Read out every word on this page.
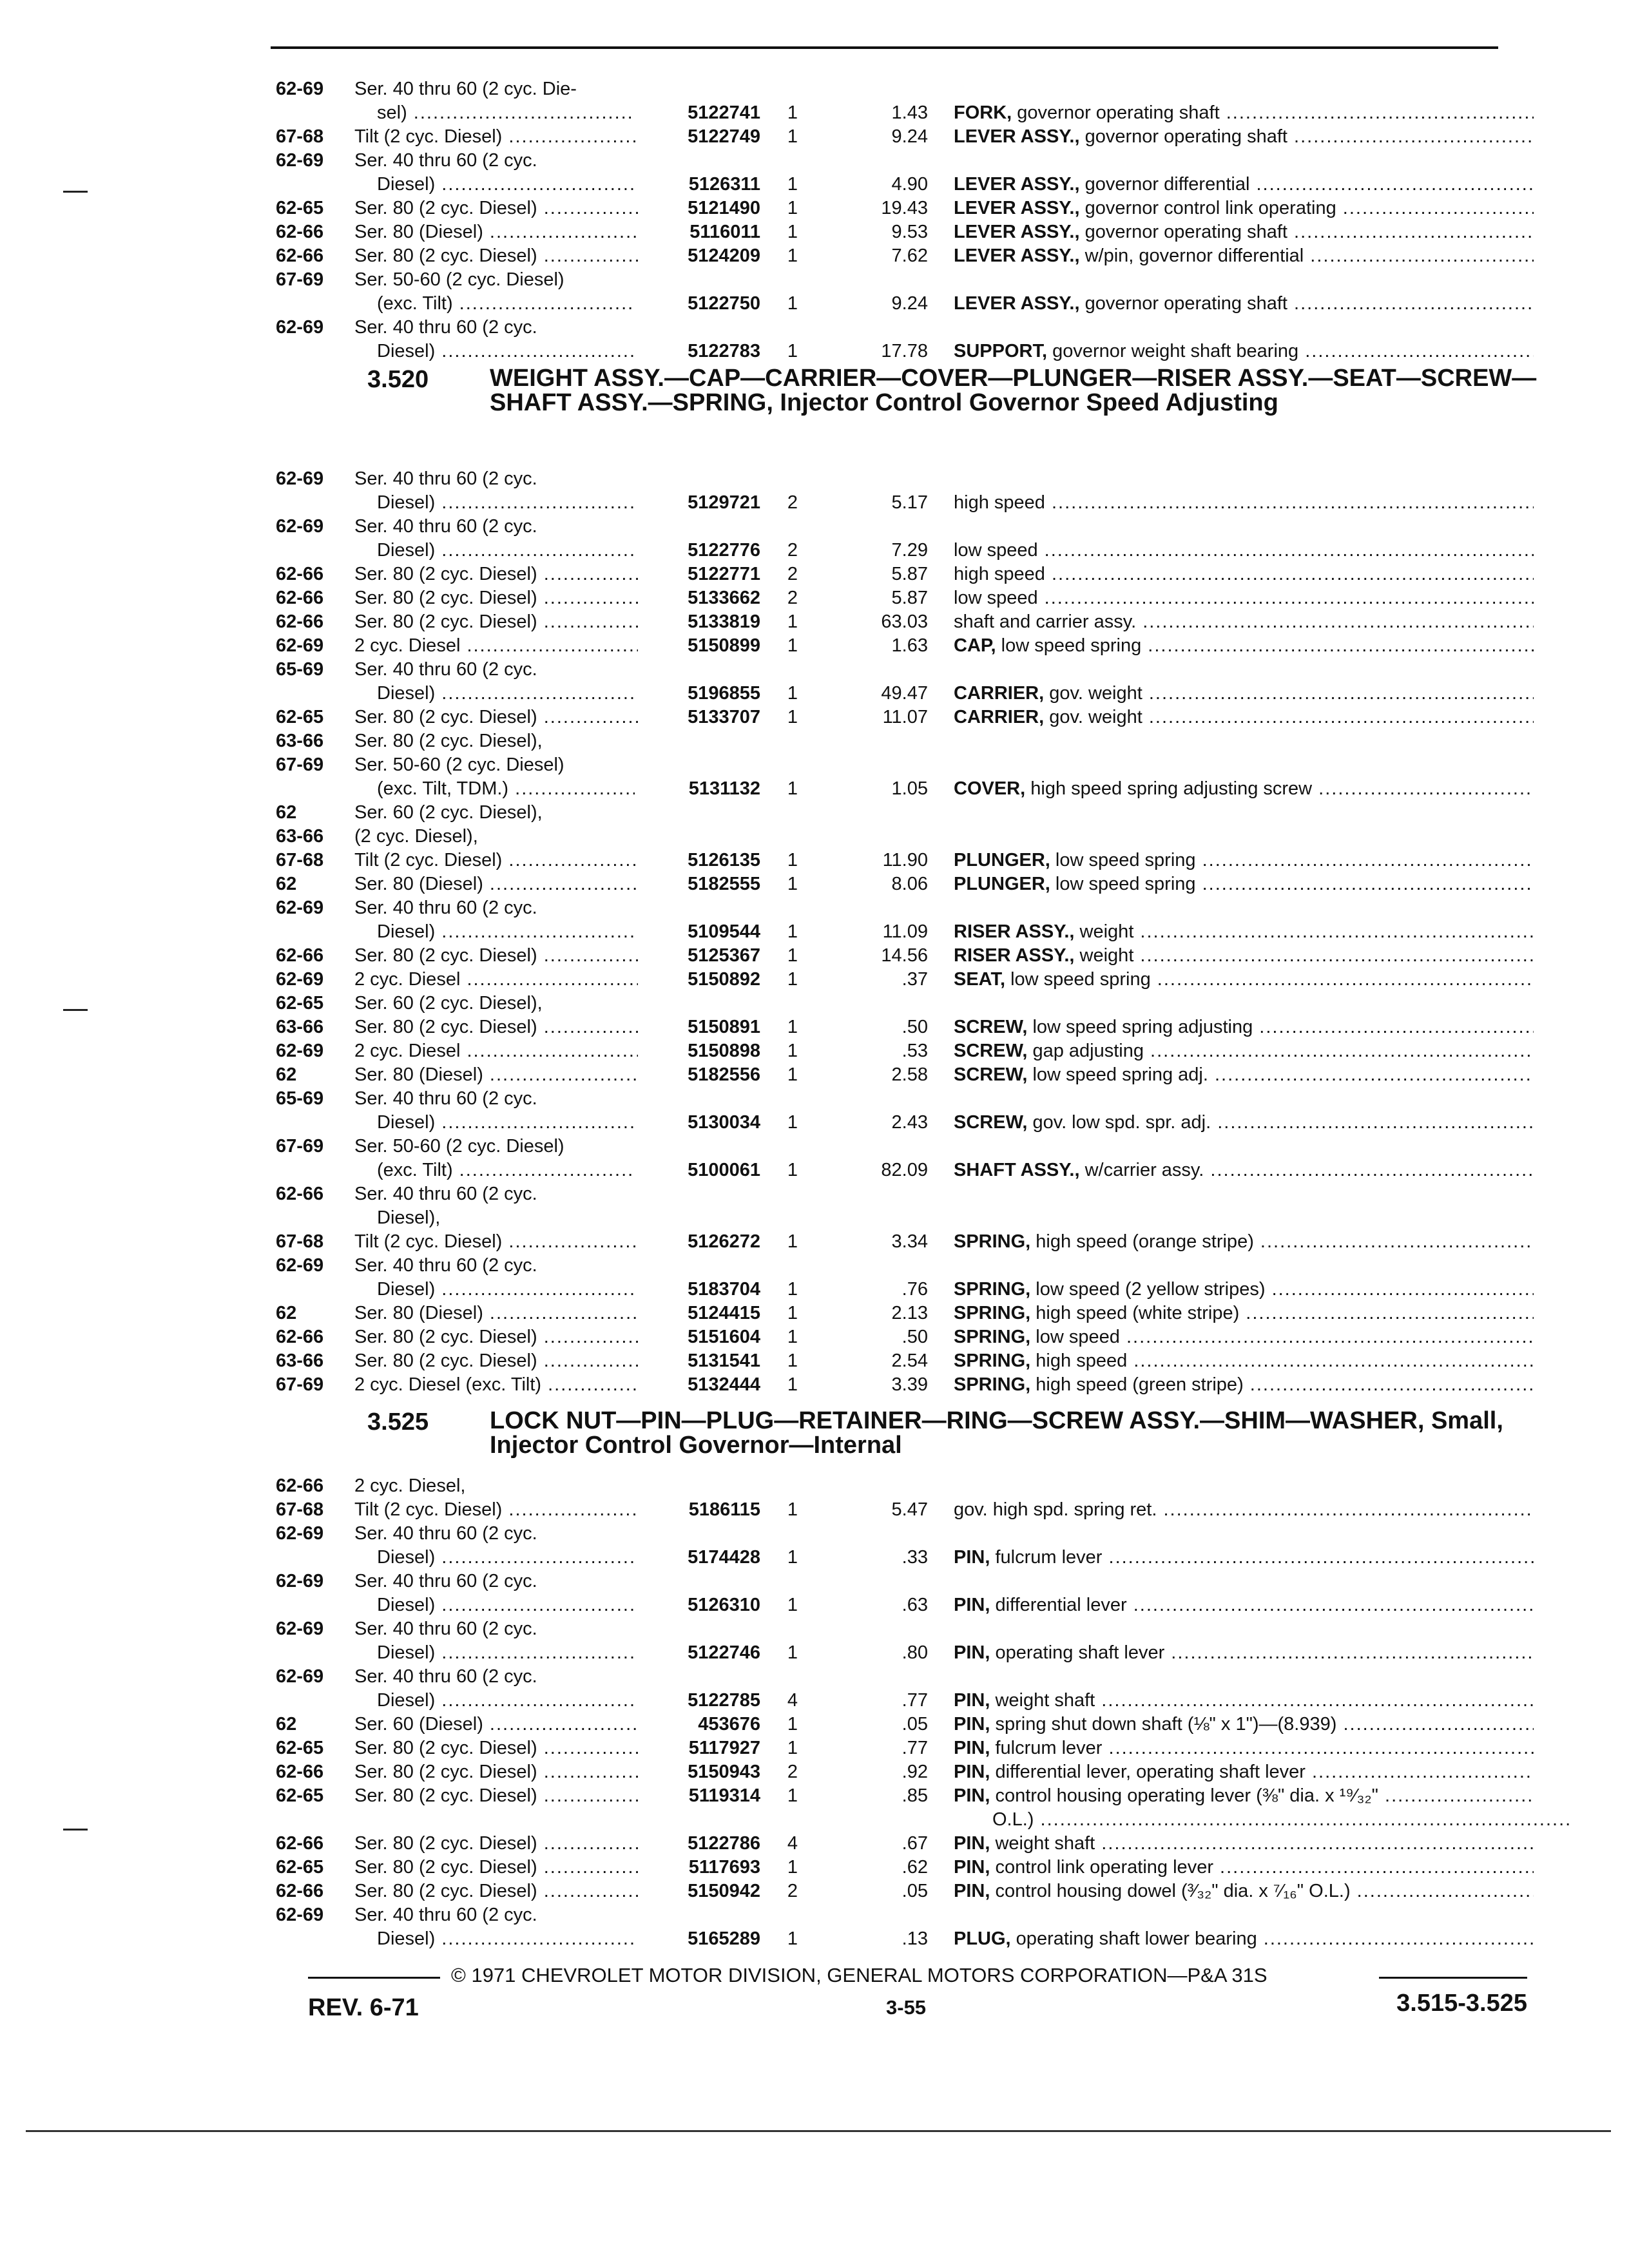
62-69 Ser. 40 thru 60 (2 cyc. Die-
sel) .....	5122741	1	1.43 FORK, governor operating shaft .....
67-68 Tilt (2 cyc. Diesel) .....	5122749	1	9.24 LEVER ASSY., governor operating shaft .....
62-69 Ser. 40 thru 60 (2 cyc.
Diesel) .....	5126311	1	4.90 LEVER ASSY., governor differential .....
62-65 Ser. 80 (2 cyc. Diesel) .....	5121490	1	19.43 LEVER ASSY., governor control link operating .....
62-66 Ser. 80 (Diesel) .....	5116011	1	9.53 LEVER ASSY., governor operating shaft .....
62-66 Ser. 80 (2 cyc. Diesel) .....	5124209	1	7.62 LEVER ASSY., w/pin, governor differential .....
67-69 Ser. 50-60 (2 cyc. Diesel)
(exc. Tilt) .....	5122750	1	9.24 LEVER ASSY., governor operating shaft .....
62-69 Ser. 40 thru 60 (2 cyc.
Diesel) .....	5122783	1	17.78 SUPPORT, governor weight shaft bearing .....
3.520 WEIGHT ASSY.—CAP—CARRIER—COVER—PLUNGER—RISER ASSY.—SEAT—SCREW—SHAFT ASSY.—SPRING, Injector Control Governor Speed Adjusting
62-69 Ser. 40 thru 60 (2 cyc.
Diesel) .....	5129721	2	5.17 high speed .....
62-69 Ser. 40 thru 60 (2 cyc.
Diesel) .....	5122776	2	7.29 low speed .....
62-66 Ser. 80 (2 cyc. Diesel) .....	5122771	2	5.87 high speed .....
62-66 Ser. 80 (2 cyc. Diesel) .....	5133662	2	5.87 low speed .....
62-66 Ser. 80 (2 cyc. Diesel) .....	5133819	1	63.03 shaft and carrier assy. .....
62-69 2 cyc. Diesel .....	5150899	1	1.63 CAP, low speed spring .....
65-69 Ser. 40 thru 60 (2 cyc.
Diesel) .....	5196855	1	49.47 CARRIER, gov. weight .....
62-65 Ser. 80 (2 cyc. Diesel) .....	5133707	1	11.07 CARRIER, gov. weight .....
63-66 Ser. 80 (2 cyc. Diesel),
67-69 Ser. 50-60 (2 cyc. Diesel)
(exc. Tilt, TDM.) .....	5131132	1	1.05 COVER, high speed spring adjusting screw .....
62	Ser. 60 (2 cyc. Diesel),
63-66 (2 cyc. Diesel),
67-68 Tilt (2 cyc. Diesel) .....	5126135	1	11.90 PLUNGER, low speed spring .....
62	Ser. 80 (Diesel) .....	5182555	1	8.06 PLUNGER, low speed spring .....
62-69 Ser. 40 thru 60 (2 cyc.
Diesel) .....	5109544	1	11.09 RISER ASSY., weight .....
62-66 Ser. 80 (2 cyc. Diesel) .....	5125367	1	14.56 RISER ASSY., weight .....
62-69 2 cyc. Diesel .....	5150892	1	.37 SEAT, low speed spring .....
62-65 Ser. 60 (2 cyc. Diesel),
63-66 Ser. 80 (2 cyc. Diesel) .....	5150891	1	.50 SCREW, low speed spring adjusting .....
62-69 2 cyc. Diesel .....	5150898	1	.53 SCREW, gap adjusting .....
62	Ser. 80 (Diesel) .....	5182556	1	2.58 SCREW, low speed spring adj. .....
65-69 Ser. 40 thru 60 (2 cyc.
Diesel) .....	5130034	1	2.43 SCREW, gov. low spd. spr. adj. .....
67-69 Ser. 50-60 (2 cyc. Diesel)
(exc. Tilt) .....	5100061	1	82.09 SHAFT ASSY., w/carrier assy. .....
62-66 Ser. 40 thru 60 (2 cyc.
Diesel),
67-68 Tilt (2 cyc. Diesel) .....	5126272	1	3.34 SPRING, high speed (orange stripe) .....
62-69 Ser. 40 thru 60 (2 cyc.
Diesel) .....	5183704	1	.76 SPRING, low speed (2 yellow stripes) .....
62	Ser. 80 (Diesel) .....	5124415	1	2.13 SPRING, high speed (white stripe) .....
62-66 Ser. 80 (2 cyc. Diesel) .....	5151604	1	.50 SPRING, low speed .....
63-66 Ser. 80 (2 cyc. Diesel) .....	5131541	1	2.54 SPRING, high speed .....
67-69 2 cyc. Diesel (exc. Tilt) .....	5132444	1	3.39 SPRING, high speed (green stripe) .....
3.525 LOCK NUT—PIN—PLUG—RETAINER—RING—SCREW ASSY.—SHIM—WASHER, Small, Injector Control Governor—Internal
62-66 2 cyc. Diesel,
67-68 Tilt (2 cyc. Diesel) .....	5186115	1	5.47 gov. high spd. spring ret. .....
62-69 Ser. 40 thru 60 (2 cyc.
Diesel) .....	5174428	1	.33 PIN, fulcrum lever .....
62-69 Ser. 40 thru 60 (2 cyc.
Diesel) .....	5126310	1	.63 PIN, differential lever .....
62-69 Ser. 40 thru 60 (2 cyc.
Diesel) .....	5122746	1	.80 PIN, operating shaft lever .....
62-69 Ser. 40 thru 60 (2 cyc.
Diesel) .....	5122785	4	.77 PIN, weight shaft .....
62	Ser. 60 (Diesel) .....	453676	1	.05 PIN, spring shut down shaft (⅛" x 1")—(8.939) .....
62-65 Ser. 80 (2 cyc. Diesel) .....	5117927	1	.77 PIN, fulcrum lever .....
62-66 Ser. 80 (2 cyc. Diesel) .....	5150943	2	.92 PIN, differential lever, operating shaft lever .....
62-65 Ser. 80 (2 cyc. Diesel) .....	5119314	1	.85 PIN, control housing operating lever (⅜" dia. x ¹⁹⁄₃₂" .....
O.L.) .....
62-66 Ser. 80 (2 cyc. Diesel) .....	5122786	4	.67 PIN, weight shaft .....
62-65 Ser. 80 (2 cyc. Diesel) .....	5117693	1	.62 PIN, control link operating lever .....
62-66 Ser. 80 (2 cyc. Diesel) .....	5150942	2	.05 PIN, control housing dowel (³⁄₃₂" dia. x ⁷⁄₁₆" O.L.) .....
62-69 Ser. 40 thru 60 (2 cyc.
Diesel) .....	5165289	1	.13 PLUG, operating shaft lower bearing .....
© 1971 CHEVROLET MOTOR DIVISION, GENERAL MOTORS CORPORATION—P&A 31S
REV. 6-71	3-55	3.515-3.525
